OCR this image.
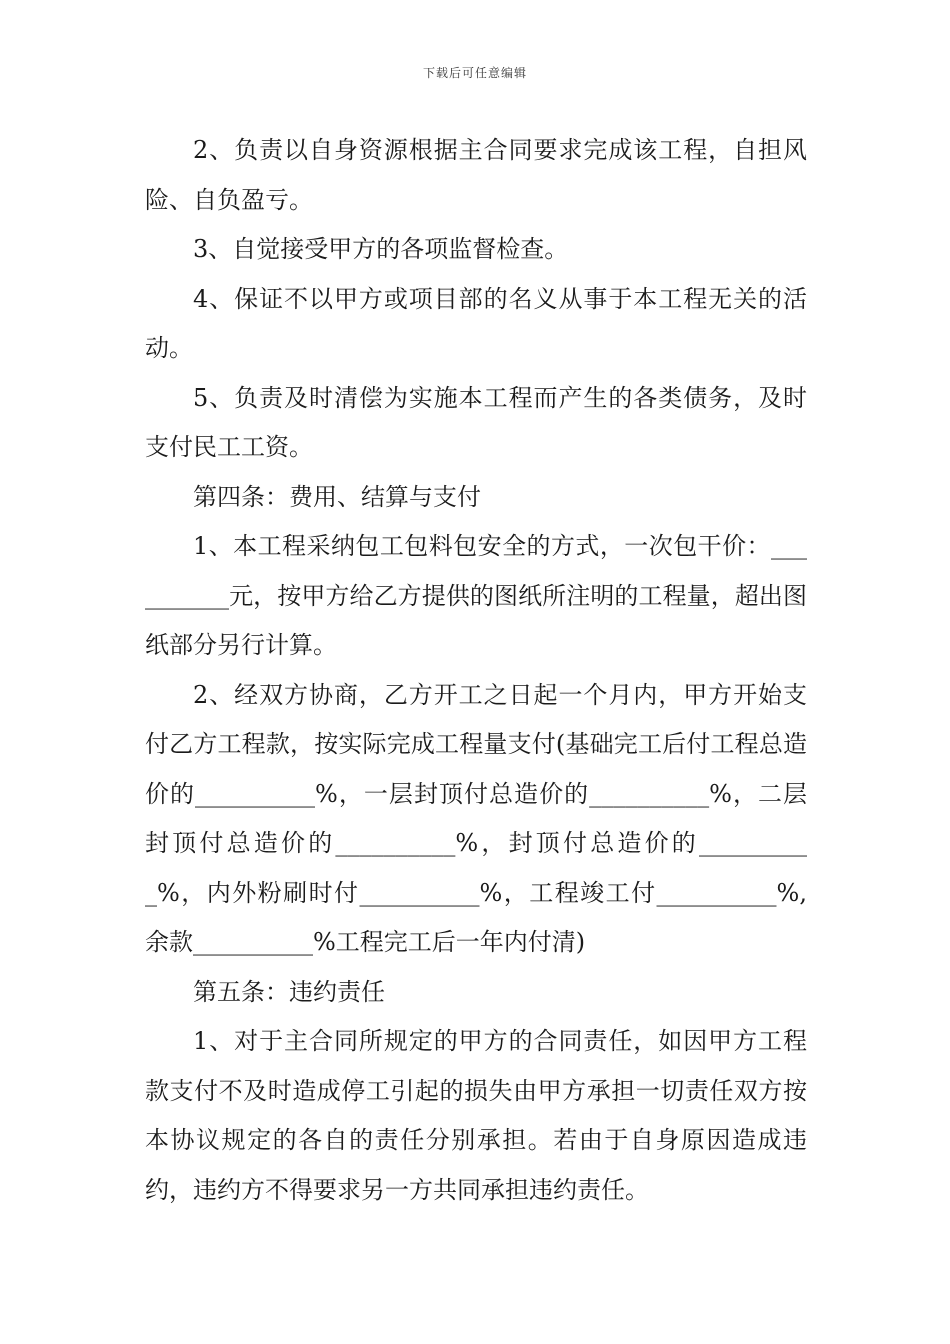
下载后可任意编辑

2、负责以自身资源根据主合同要求完成该工程，自担风险、自负盈亏。

3、自觉接受甲方的各项监督检查。

4、保证不以甲方或项目部的名义从事于本工程无关的活动。

5、负责及时清偿为实施本工程而产生的各类债务，及时支付民工工资。

第四条：费用、结算与支付

1、本工程采纳包工包料包安全的方式，一次包干价：__________元，按甲方给乙方提供的图纸所注明的工程量，超出图纸部分另行计算。

2、经双方协商，乙方开工之日起一个月内，甲方开始支付乙方工程款，按实际完成工程量支付(基础完工后付工程总造价的__________%，一层封顶付总造价的__________%，二层封顶付总造价的__________%，封顶付总造价的__________%，内外粉刷时付__________%，工程竣工付__________%,余款__________%工程完工后一年内付清)

第五条：违约责任

1、对于主合同所规定的甲方的合同责任，如因甲方工程款支付不及时造成停工引起的损失由甲方承担一切责任双方按本协议规定的各自的责任分别承担。若由于自身原因造成违约，违约方不得要求另一方共同承担违约责任。
